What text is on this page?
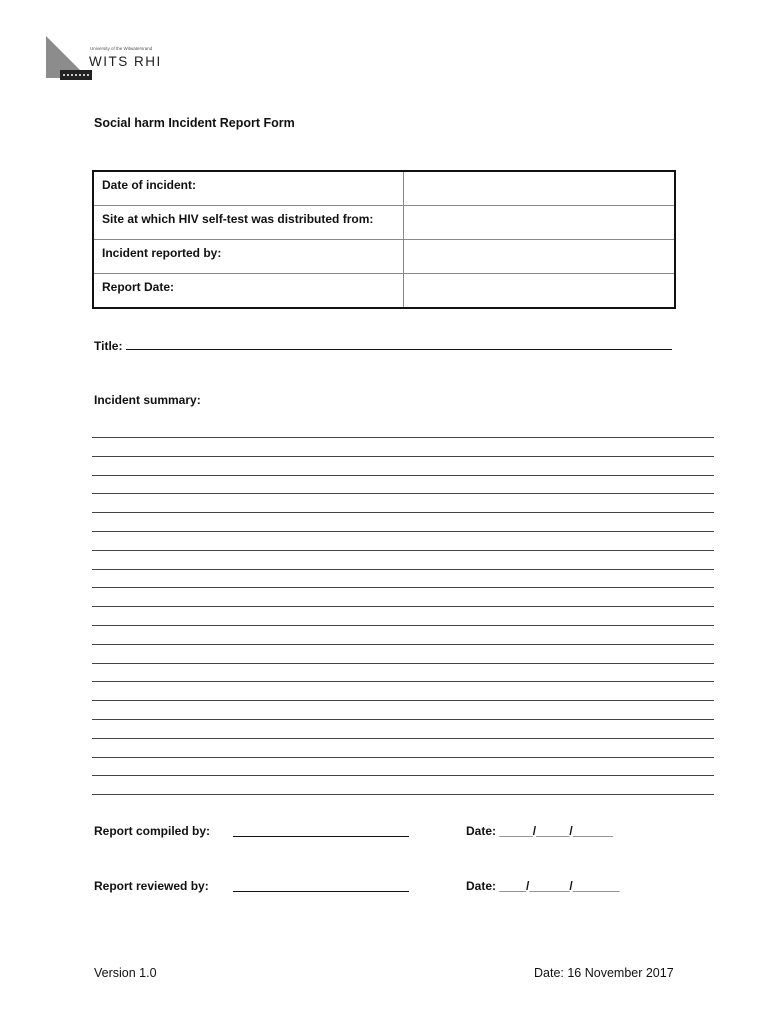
University of the Witwatersrand
WITS RHI
Social harm Incident Report Form
Date of incident:	
Site at which HIV self-test was distributed from:	
Incident reported by:	
Report Date:	
Title:
Incident summary:
Report compiled by:	Date: _____/_____/______
Report reviewed by:	Date: ____/______/_______
Version 1.0	Date: 16 November 2017
